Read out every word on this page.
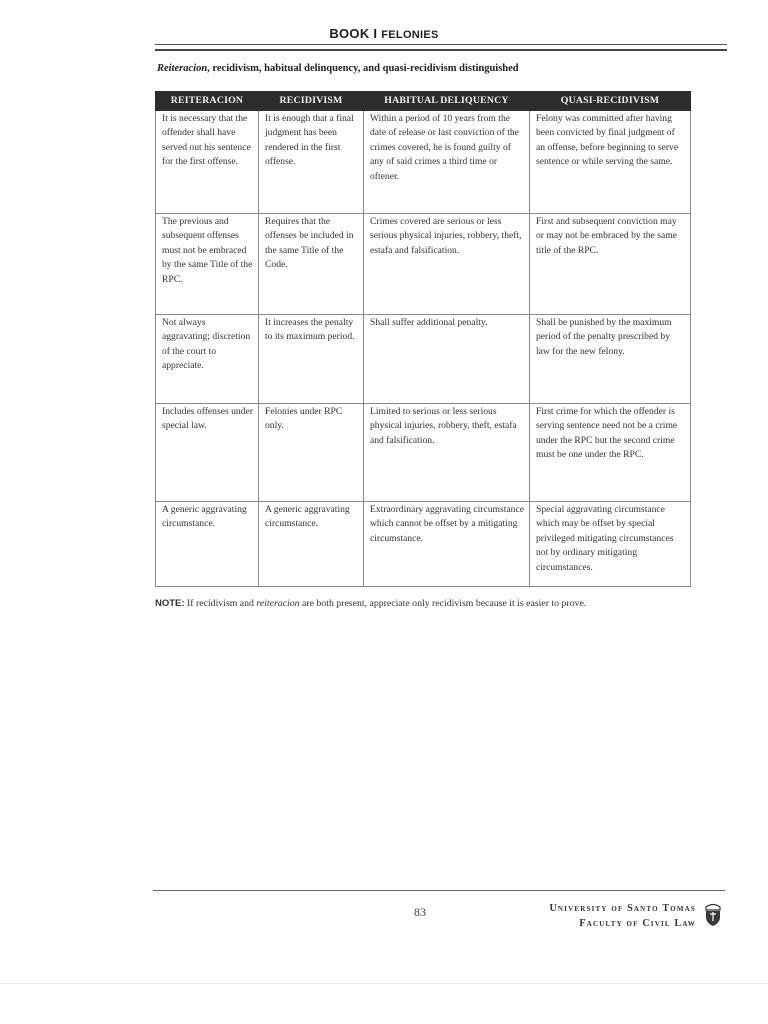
BOOK I FELONIES
Reiteracion, recidivism, habitual delinquency, and quasi-recidivism distinguished
REITERACION	RECIDIVISM	HABITUAL DELIQUENCY	QUASI-RECIDIVISM
It is necessary that the offender shall have served out his sentence for the first offense.	It is enough that a final judgment has been rendered in the first offense.	Within a period of 10 years from the date of release or last conviction of the crimes covered, he is found guilty of any of said crimes a third time or oftener.	Felony was committed after having been convicted by final judgment of an offense, before beginning to serve sentence or while serving the same.
The previous and subsequent offenses must not be embraced by the same Title of the RPC.	Requires that the offenses be included in the same Title of the Code.	Crimes covered are serious or less serious physical injuries, robbery, theft, estafa and falsification.	First and subsequent conviction may or may not be embraced by the same title of the RPC.
Not always aggravating; discretion of the court to appreciate.	It increases the penalty to its maximum period.	Shall suffer additional penalty.	Shall be punished by the maximum period of the penalty prescribed by law for the new felony.
Includes offenses under special law.	Felonies under RPC only.	Limited to serious or less serious physical injuries, robbery, theft, estafa and falsification.	First crime for which the offender is serving sentence need not be a crime under the RPC but the second crime must be one under the RPC.
A generic aggravating circumstance.	A generic aggravating circumstance.	Extraordinary aggravating circumstance which cannot be offset by a mitigating circumstance.	Special aggravating circumstance which may be offset by special privileged mitigating circumstances not by ordinary mitigating circumstances.
NOTE: If recidivism and reiteracion are both present, appreciate only recidivism because it is easier to prove.
83	University of Santo Tomas
Faculty of Civil Law
